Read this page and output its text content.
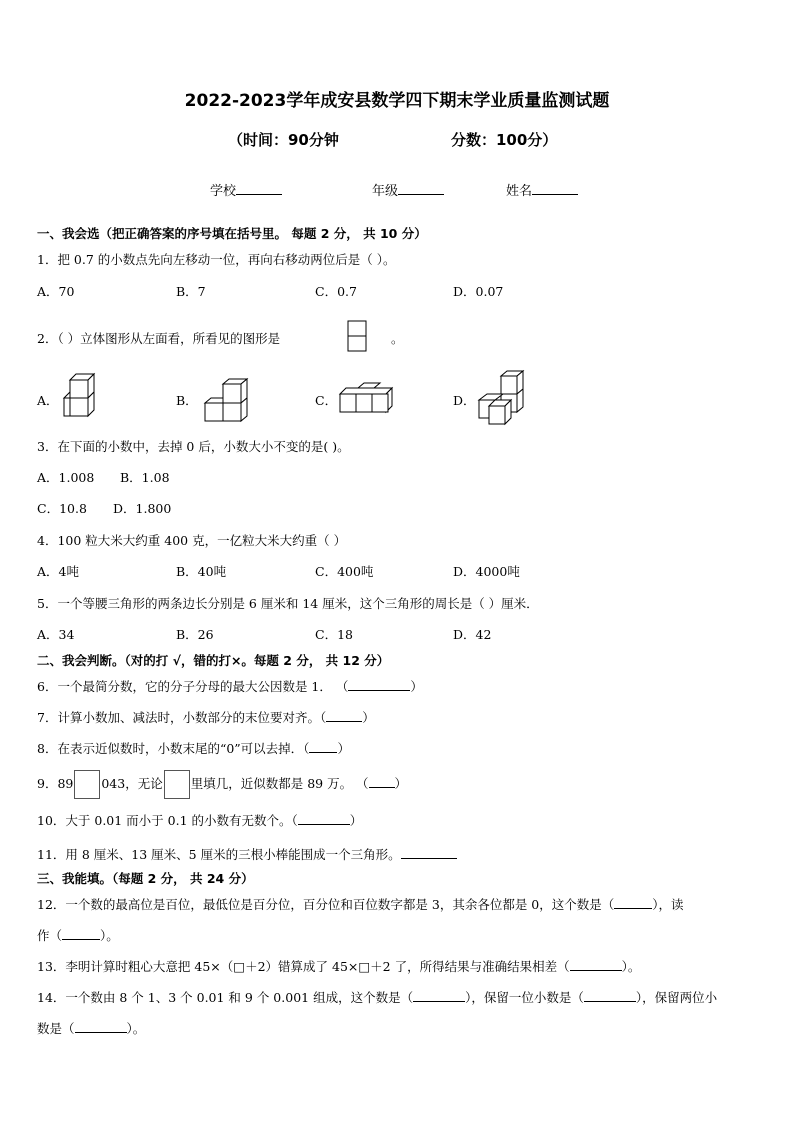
2022-2023学年成安县数学四下期末学业质量监测试题
（时间：90分钟	分数：100分）
学校	年级	姓名
一、我会选（把正确答案的序号填在括号里。 每题 2 分， 共 10 分）
1．把 0.7 的小数点先向左移动一位，再向右移动两位后是（ ）。
A．70	B．7	C．0.7	D．0.07
2．（ ）立体图形从左面看，所看见的图形是	。
A．	B．	C．	D．
3．在下面的小数中，去掉 0 后，小数大小不变的是( )。
A．1.008 B．1.08
C．10.8 D．1.800
4．100 粒大米大约重 400 克，一亿粒大米大约重（ ）
A．4吨	B．40吨	C．400吨	D．4000吨
5．一个等腰三角形的两条边长分别是 6 厘米和 14 厘米，这个三角形的周长是（ ）厘米．
A．34	B．26	C．18	D．42
二、我会判断。（对的打 √，错的打×。每题 2 分， 共 12 分）
6．一个最简分数，它的分子分母的最大公因数是 1． （	）
7．计算小数加、减法时，小数部分的末位要对齐。（	）
8．在表示近似数时，小数末尾的“0”可以去掉．（ ）
9．89 043，无论 里填几，近似数都是 89 万。 （ ）
10．大于 0.01 而小于 0.1 的小数有无数个。（	）
11．用 8 厘米、13 厘米、5 厘米的三根小棒能围成一个三角形。
三、我能填。（每题 2 分， 共 24 分）
12．一个数的最高位是百位，最低位是百分位，百分位和百位数字都是 3，其余各位都是 0，这个数是（	），读
作（	）。
13．李明计算时粗心大意把 45×（□＋2）错算成了 45×□＋2 了，所得结果与准确结果相差（	）。
14．一个数由 8 个 1、3 个 0.01 和 9 个 0.001 组成，这个数是（	），保留一位小数是（	），保留两位小
数是（	）。
